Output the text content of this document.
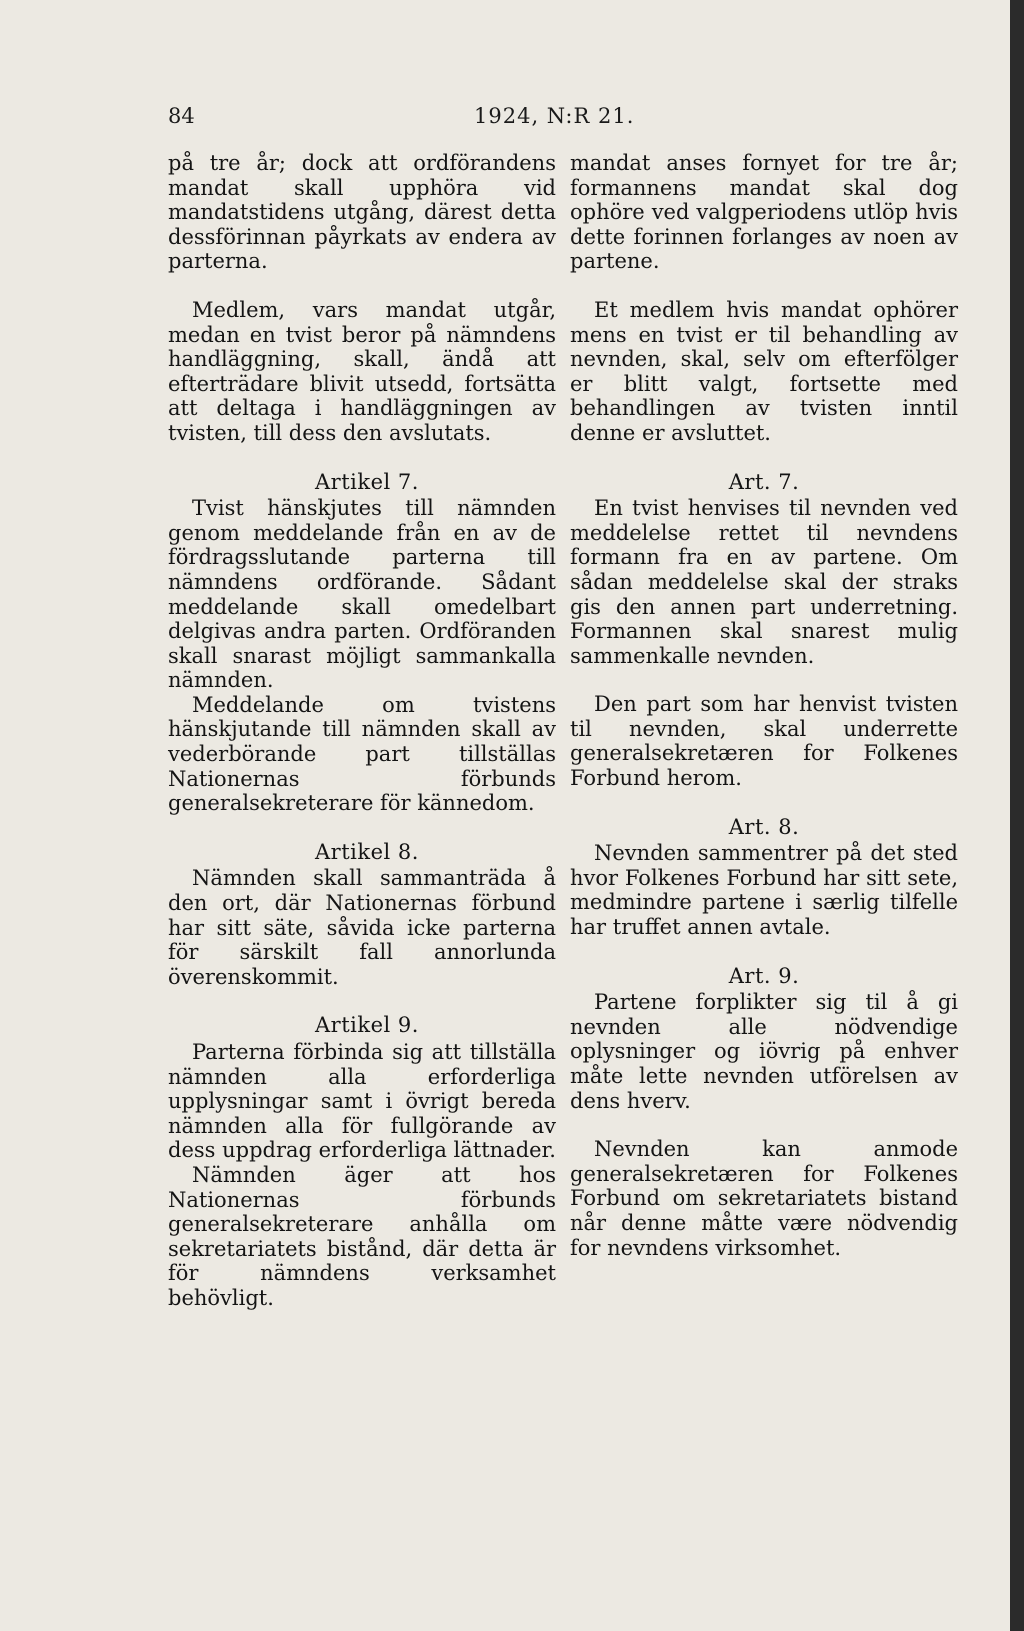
84	1924, N:R 21.

på tre år; dock att ordförandens mandat skall upphöra vid mandatstidens utgång, därest detta dessförinnan påyrkats av endera av parterna.

Medlem, vars mandat utgår, medan en tvist beror på nämndens handläggning, skall, ändå att efterträdare blivit utsedd, fortsätta att deltaga i handläggningen av tvisten, till dess den avslutats.

Artikel 7.

Tvist hänskjutes till nämnden genom meddelande från en av de fördragsslutande parterna till nämndens ordförande. Sådant meddelande skall omedelbart delgivas andra parten. Ordföranden skall snarast möjligt sammankalla nämnden.

Meddelande om tvistens hänskjutande till nämnden skall av vederbörande part tillställas Nationernas förbunds generalsekreterare för kännedom.

Artikel 8.

Nämnden skall sammanträda å den ort, där Nationernas förbund har sitt säte, såvida icke parterna för särskilt fall annorlunda överenskommit.

Artikel 9.

Parterna förbinda sig att tillställa nämnden alla erforderliga upplysningar samt i övrigt bereda nämnden alla för fullgörande av dess uppdrag erforderliga lättnader.

Nämnden äger att hos Nationernas förbunds generalsekreterare anhålla om sekretariatets bistånd, där detta är för nämndens verksamhet behövligt.

mandat anses fornyet for tre år; formannens mandat skal dog ophöre ved valgperiodens utlöp hvis dette forinnen forlanges av noen av partene.

Et medlem hvis mandat ophörer mens en tvist er til behandling av nevnden, skal, selv om efterfölger er blitt valgt, fortsette med behandlingen av tvisten inntil denne er avsluttet.

Art. 7.

En tvist henvises til nevnden ved meddelelse rettet til nevndens formann fra en av partene. Om sådan meddelelse skal der straks gis den annen part underretning. Formannen skal snarest mulig sammenkalle nevnden.

Den part som har henvist tvisten til nevnden, skal underrette generalsekretæren for Folkenes Forbund herom.

Art. 8.

Nevnden sammentrer på det sted hvor Folkenes Forbund har sitt sete, medmindre partene i særlig tilfelle har truffet annen avtale.

Art. 9.

Partene forplikter sig til å gi nevnden alle nödvendige oplysninger og iövrig på enhver måte lette nevnden utförelsen av dens hverv.

Nevnden kan anmode generalsekretæren for Folkenes Forbund om sekretariatets bistand når denne måtte være nödvendig for nevndens virksomhet.
